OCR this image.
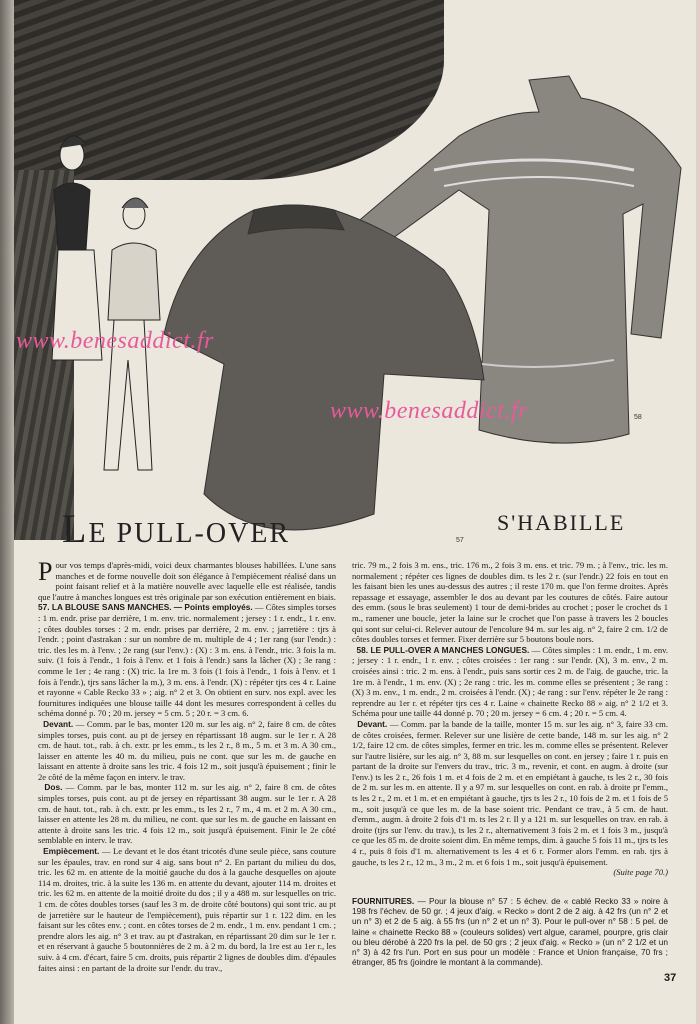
www.benesaddict.fr
www.benesaddict.fr
57
58
LE PULL-OVER	S'HABILLE

Pour vos temps d'après-midi, voici deux charmantes blouses habillées. L'une sans manches et de forme nouvelle doit son élégance à l'empiècement réalisé dans un point faisant relief et à la matière nouvelle avec laquelle elle est réalisée, tandis que l'autre à manches longues est très originale par son exécution entièrement en biais.

57. LA BLOUSE SANS MANCHES. — Points employés. — Côtes simples torses : 1 m. endr. prise par derrière, 1 m. env. tric. normalement ; jersey : 1 r. endr., 1 r. env. ; côtes doubles torses : 2 m. endr. prises par derrière, 2 m. env. ; jarretière : tjrs à l'endr. ; point d'astrakan : sur un nombre de m. multiple de 4 ; 1er rang (sur l'endr.) : tric. tles les m. à l'env. ; 2e rang (sur l'env.) : (X) : 3 m. ens. à l'endr., tric. 3 fois la m. suiv. (1 fois à l'endr., 1 fois à l'env. et 1 fois à l'endr.) sans la lâcher (X) ; 3e rang : comme le 1er ; 4e rang : (X) tric. la 1re m. 3 fois (1 fois à l'endr., 1 fois à l'env. et 1 fois à l'endr.), tjrs sans lâcher la m.), 3 m. ens. à l'endr. (X) : répéter tjrs ces 4 r. Laine et rayonne « Cable Recko 33 » ; aig. n° 2 et 3. On obtient en surv. nos expl. avec les fournitures indiquées une blouse taille 44 dont les mesures correspondent à celles du schéma donné p. 70 ; 20 m. jersey = 5 cm. 5 ; 20 r. = 3 cm. 6.

Devant. — Comm. par le bas, monter 120 m. sur les aig. n° 2, faire 8 cm. de côtes simples torses, puis cont. au pt de jersey en répartissant 18 augm. sur le 1er r. A 28 cm. de haut. tot., rab. à ch. extr. pr les emm., ts les 2 r., 8 m., 5 m. et 3 m. A 30 cm., laisser en attente les 40 m. du milieu, puis ne cont. que sur les m. de gauche en laissant en attente à droite sans les tric. 4 fois 12 m., soit jusqu'à épuisement ; finir le 2e côté de la même façon en interv. le trav.

Dos. — Comm. par le bas, monter 112 m. sur les aig. n° 2, faire 8 cm. de côtes simples torses, puis cont. au pt de jersey en répartissant 38 augm. sur le 1er r. A 28 cm. de haut. tot., rab. à ch. extr. pr les emm., ts les 2 r., 7 m., 4 m. et 2 m. A 30 cm., laisser en attente les 28 m. du milieu, ne cont. que sur les m. de gauche en laissant en attente à droite sans les tric. 4 fois 12 m., soit jusqu'à épuisement. Finir le 2e côté semblable en interv. le trav.

Empiècement. — Le devant et le dos étant tricotés d'une seule pièce, sans couture sur les épaules, trav. en rond sur 4 aig. sans bout n° 2. En partant du milieu du dos, tric. les 62 m. en attente de la moitié gauche du dos à la gauche desquelles on ajoute 114 m. droites, tric. à la suite les 136 m. en attente du devant, ajouter 114 m. droites et tric. les 62 m. en attente de la moitié droite du dos ; il y a 488 m. sur lesquelles on tric. 1 cm. de côtes doubles torses (sauf les 3 m. de droite côté boutons) qui sont tric. au pt de jarretière sur le hauteur de l'empiècement), puis répartir sur 1 r. 122 dim. en les faisant sur les côtes env. ; cont. en côtes torses de 2 m. endr., 1 m. env. pendant 1 cm. ; prendre alors les aig. n° 3 et trav. au pt d'astrakan, en répartissant 20 dim sur le 1er r. et en réservant à gauche 5 boutonnières de 2 m. à 2 m. du bord, la 1re est au 1er r., les suiv. à 4 cm. d'écart, faire 5 cm. droits, puis répartir 2 lignes de doubles dim. d'épaules faites ainsi : en partant de la droite sur l'endr. du trav.,

tric. 79 m., 2 fois 3 m. ens., tric. 176 m., 2 fois 3 m. ens. et tric. 79 m. ; à l'env., tric. les m. normalement ; répéter ces lignes de doubles dim. ts les 2 r. (sur l'endr.) 22 fois en tout en les faisant bien les unes au-dessus des autres ; il reste 170 m. que l'on ferme droites. Après repassage et essayage, assembler le dos au devant par les coutures de côtés. Faire autour des emm. (sous le bras seulement) 1 tour de demi-brides au crochet ; poser le crochet ds 1 m., ramener une boucle, jeter la laine sur le crochet que l'on passe à travers les 2 boucles qui sont sur celui-ci. Relever autour de l'encolure 94 m. sur les aig. n° 2, faire 2 cm. 1/2 de côtes doubles torses et fermer. Fixer derrière sur 5 boutons boule nors.

58. LE PULL-OVER A MANCHES LONGUES. — Côtes simples : 1 m. endr., 1 m. env. ; jersey : 1 r. endr., 1 r. env. ; côtes croisées : 1er rang : sur l'endr. (X), 3 m. env., 2 m. croisées ainsi : tric. 2 m. ens. à l'endr., puis sans sortir ces 2 m. de l'aig. de gauche, tric. la 1re m. à l'endr., 1 m. env. (X) ; 2e rang : tric. les m. comme elles se présentent ; 3e rang : (X) 3 m. env., 1 m. endr., 2 m. croisées à l'endr. (X) ; 4e rang : sur l'env. répéter le 2e rang : reprendre au 1er r. et répéter tjrs ces 4 r. Laine « chainette Recko 88 » aig. n° 2 1/2 et 3. Schéma pour une taille 44 donné p. 70 ; 20 m. jersey = 6 cm. 4 ; 20 r. = 5 cm. 4.

Devant. — Comm. par la bande de la taille, monter 15 m. sur les aig. n° 3, faire 33 cm. de côtes croisées, fermer. Relever sur une lisière de cette bande, 148 m. sur les aig. n° 2 1/2, faire 12 cm. de côtes simples, fermer en tric. les m. comme elles se présentent. Relever sur l'autre lisière, sur les aig. n° 3, 88 m. sur lesquelles on cont. en jersey ; faire 1 r. puis en partant de la droite sur l'envers du trav., tric. 3 m., revenir, et cont. en augm. à droite (sur l'env.) ts les 2 r., 26 fois 1 m. et 4 fois de 2 m. et en empiétant à gauche, ts les 2 r., 30 fois de 2 m. sur les m. en attente. Il y a 97 m. sur lesquelles on cont. en rab. à droite pr l'emm., ts les 2 r., 2 m. et 1 m. et en empiétant à gauche, tjrs ts les 2 r., 10 fois de 2 m. et 1 fois de 5 m., soit jusqu'à ce que les m. de la base soient tric. Pendant ce trav., à 5 cm. de haut. d'emm., augm. à droite 2 fois d'1 m. ts les 2 r. Il y a 121 m. sur lesquelles on trav. en rab. à droite (tjrs sur l'env. du trav.), ts les 2 r., alternativement 3 fois 2 m. et 1 fois 3 m., jusqu'à ce que les 85 m. de droite soient dim. En même temps, dim. à gauche 5 fois 11 m., tjrs ts les 4 r., puis 8 fois d'1 m. alternativement ts les 4 et 6 r. Former alors l'emm. en rab. tjrs à gauche, ts les 2 r., 12 m., 3 m., 2 m. et 6 fois 1 m., soit jusqu'à épuisement.

(Suite page 70.)

FOURNITURES. — Pour la blouse n° 57 : 5 échev. de « cablé Recko 33 » noire à 198 frs l'échev. de 50 gr. ; 4 jeux d'aig. « Recko » dont 2 de 2 aig. à 42 frs (un n° 2 et un n° 3) et 2 de 5 aig. à 55 frs (un n° 2 et un n° 3). Pour le pull-over n° 58 : 5 pel. de laine « chainette Recko 88 » (couleurs solides) vert algue, caramel, pourpre, gris clair ou bleu dérobé à 220 frs la pel. de 50 grs ; 2 jeux d'aig. « Recko » (un n° 2 1/2 et un n° 3) à 42 frs l'un. Port en sus pour un modèle : France et Union française, 70 frs ; étranger, 85 frs (joindre le montant à la commande).

37
